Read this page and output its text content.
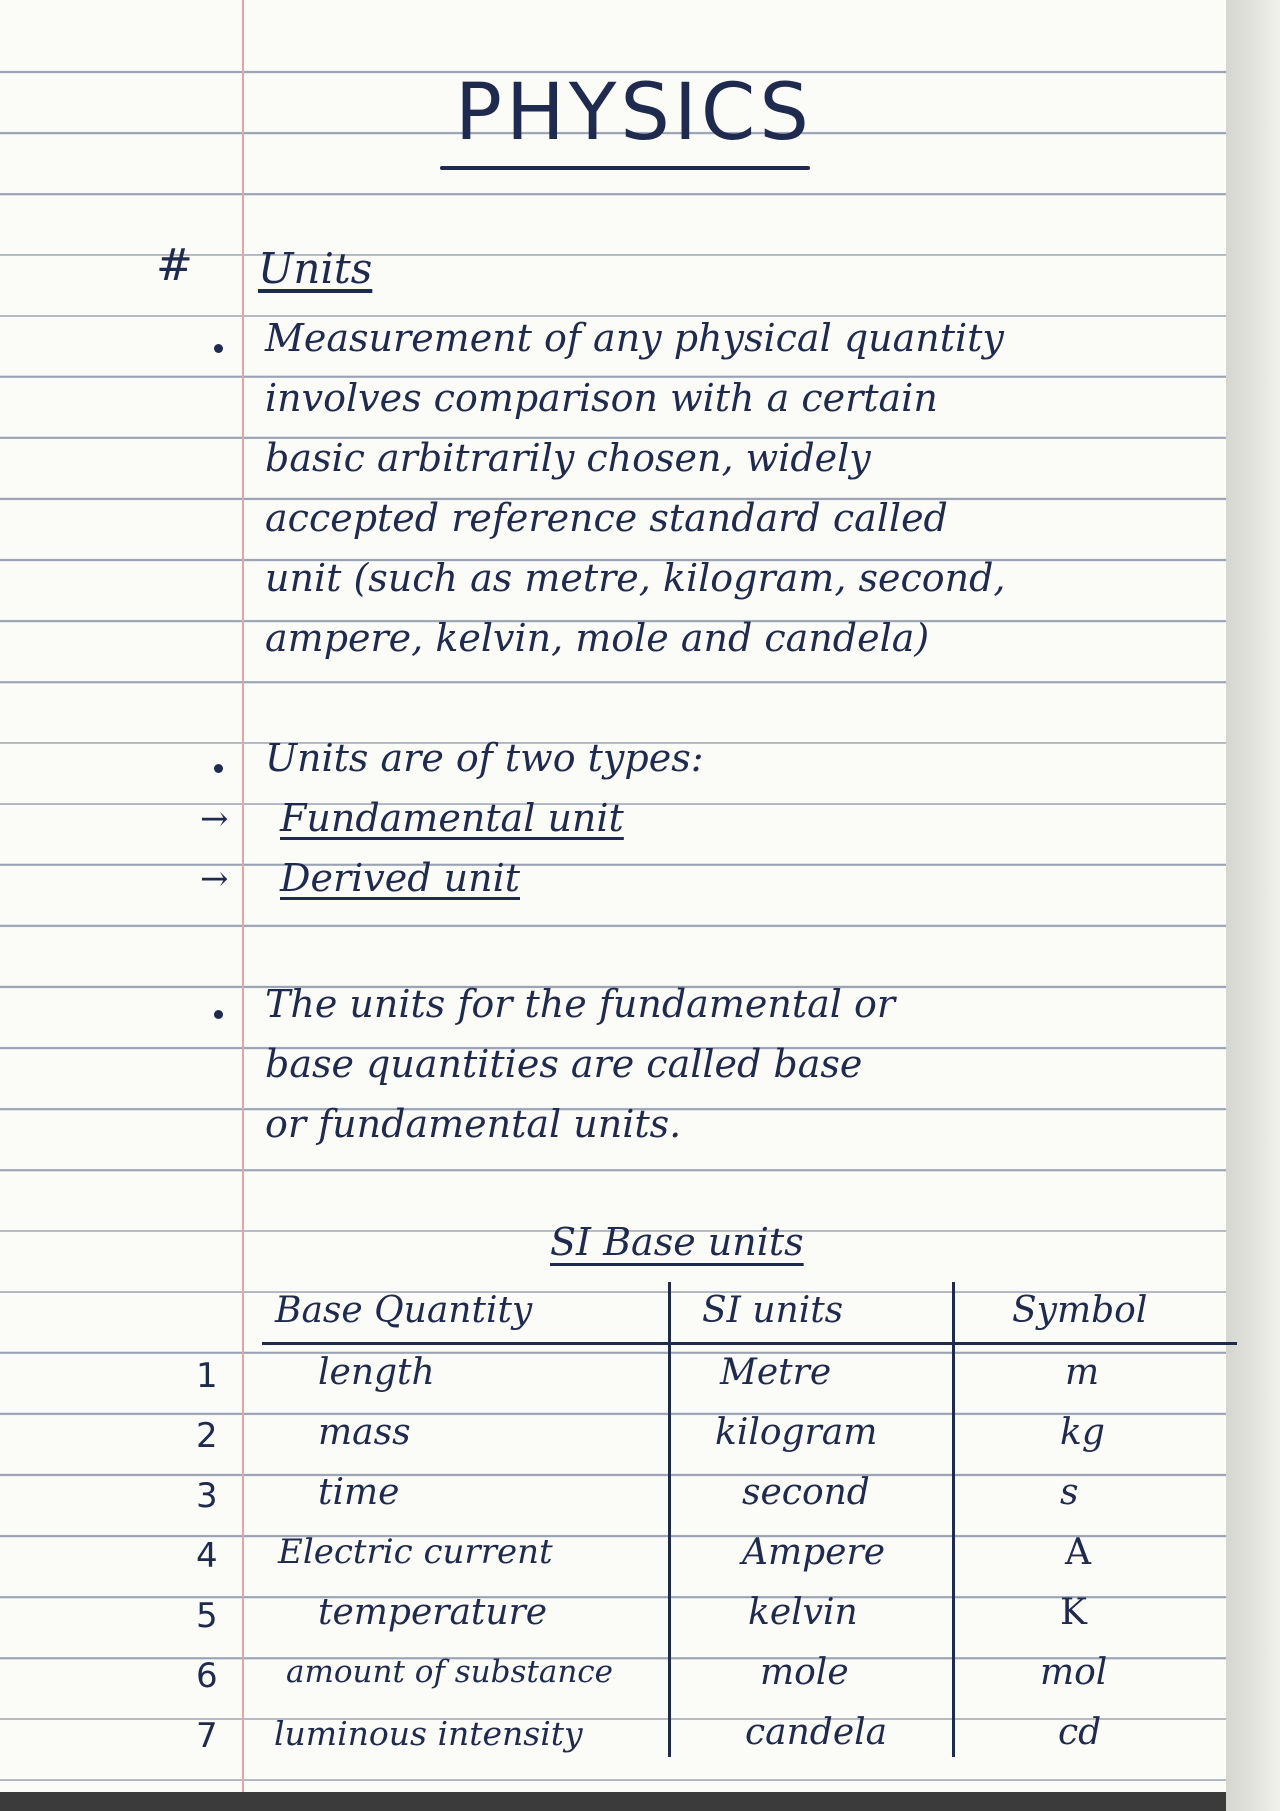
PHYSICS
# Units
Measurement of any physical quantity
involves comparison with a certain
basic arbitrarily chosen, widely
accepted reference standard called
unit (such as metre, kilogram, second,
ampere, kelvin, mole and candela)
Units are of two types:
→ Fundamental unit
→ Derived unit
The units for the fundamental or
base quantities are called base
or fundamental units.
SI Base units
Base Quantity	SI units	Symbol
1	length	Metre	m
2	mass	kilogram	kg
3	time	second	s
4 Electric current	Ampere	A
5	temperature	kelvin	K
6 amount of substance	mole	mol
7 luminous intensity	candela	cd
